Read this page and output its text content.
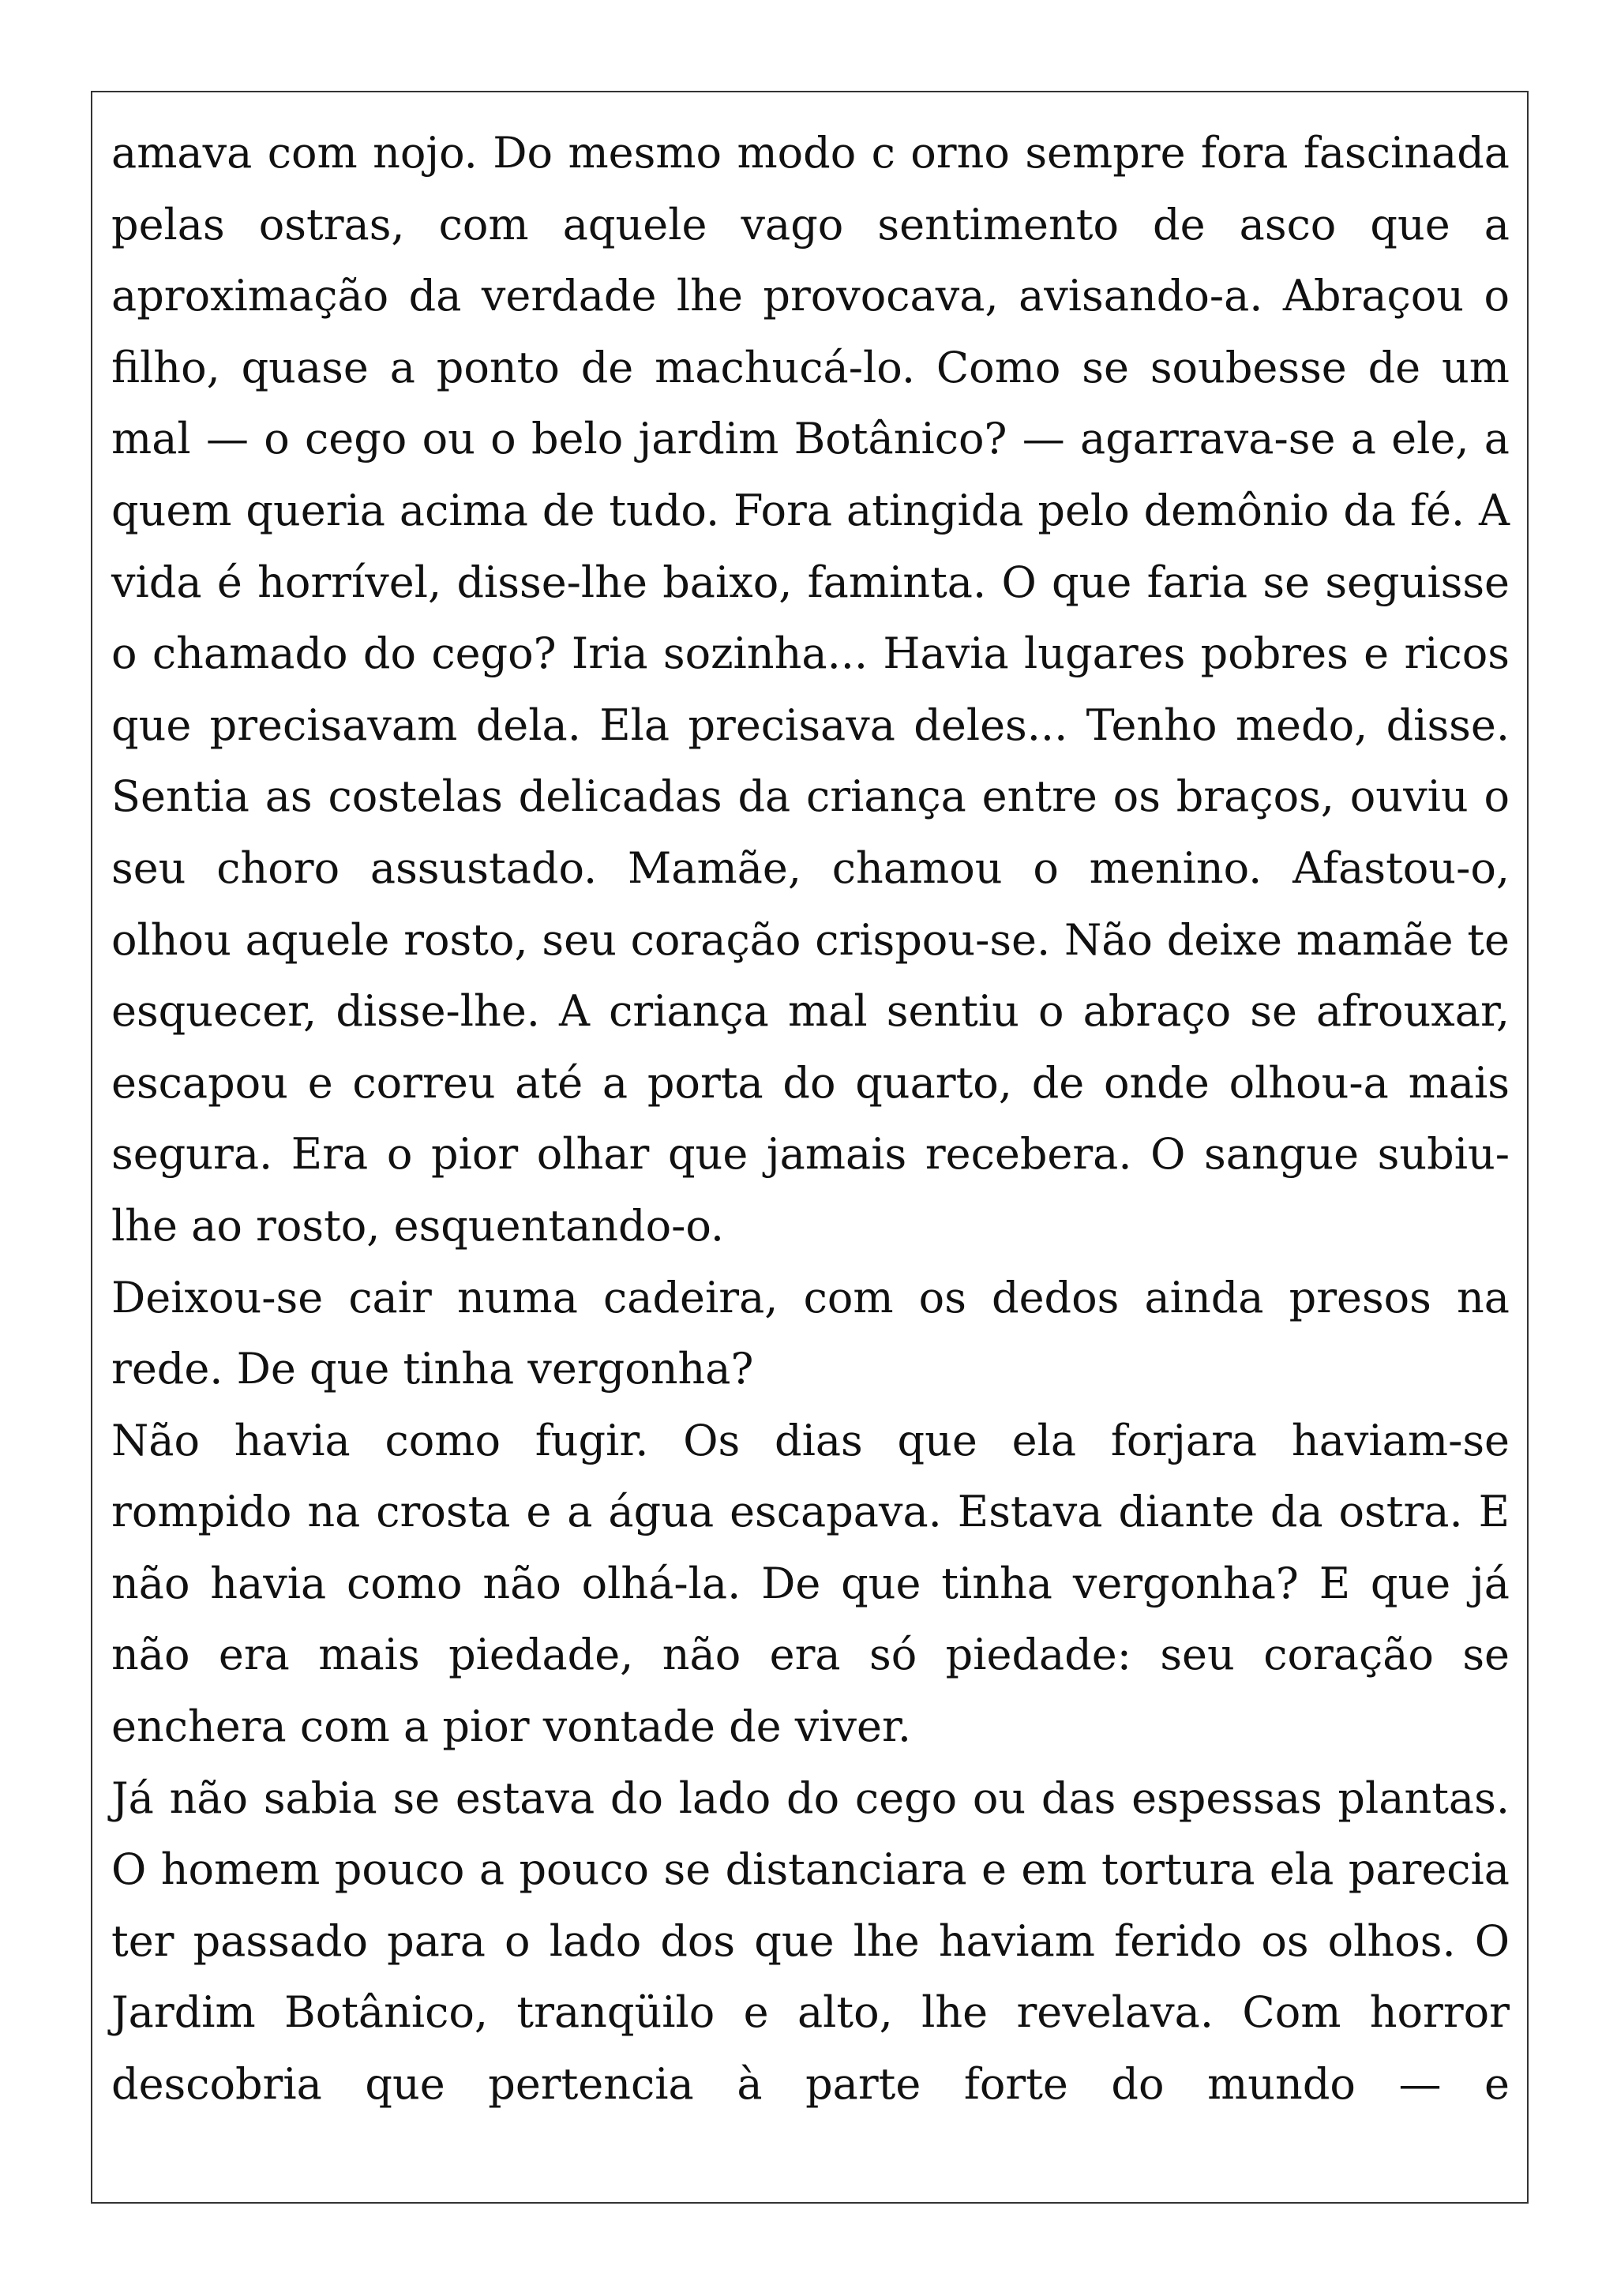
amava com nojo. Do mesmo modo c orno sempre fora fascinada pelas ostras, com aquele vago sentimento de asco que a aproximação da verdade lhe provocava, avisando-a. Abraçou o filho, quase a ponto de machucá-lo. Como se soubesse de um mal — o cego ou o belo jardim Botânico? — agarrava-se a ele, a quem queria acima de tudo. Fora atingida pelo demônio da fé. A vida é horrível, disse-lhe baixo, faminta. O que faria se seguisse o chamado do cego? Iria sozinha... Havia lugares pobres e ricos que precisavam dela. Ela precisava deles... Tenho medo, disse. Sentia as costelas delicadas da criança entre os braços, ouviu o seu choro assustado. Mamãe, chamou o menino. Afastou-o, olhou aquele rosto, seu coração crispou-se. Não deixe mamãe te esquecer, disse-lhe. A criança mal sentiu o abraço se afrouxar, escapou e correu até a porta do quarto, de onde olhou-a mais segura. Era o pior olhar que jamais recebera. O sangue subiu-lhe ao rosto, esquentando-o.

Deixou-se cair numa cadeira, com os dedos ainda presos na rede. De que tinha vergonha?

Não havia como fugir. Os dias que ela forjara haviam-se rompido na crosta e a água escapava. Estava diante da ostra. E não havia como não olhá-la. De que tinha vergonha? E que já não era mais piedade, não era só piedade: seu coração se enchera com a pior vontade de viver.

Já não sabia se estava do lado do cego ou das espessas plantas. O homem pouco a pouco se distanciara e em tortura ela parecia ter passado para o lado dos que lhe haviam ferido os olhos. O Jardim Botânico, tranqüilo e alto, lhe revelava. Com horror descobria que pertencia à parte forte do mundo — e
